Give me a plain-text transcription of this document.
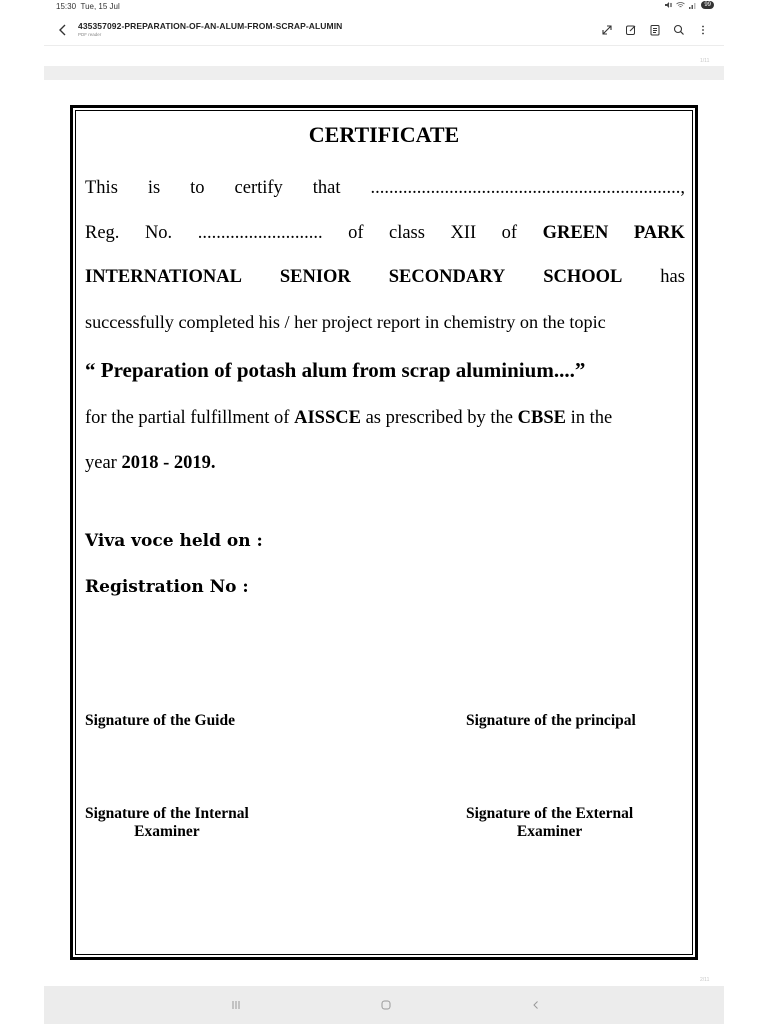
15:30 Tue, 15 Jul	99
435357092-PREPARATION-OF-AN-ALUM-FROM-SCRAP-ALUMIN
PDF reader
1/11
CERTIFICATE
This is to certify that ...................................................................,
Reg. No. ........................... of class XII of GREEN PARK
INTERNATIONAL SENIOR SECONDARY SCHOOL has
successfully completed his / her project report in chemistry on the topic
“ Preparation of potash alum from scrap aluminium....”
for the partial fulfillment of AISSCE as prescribed by the CBSE in the
year 2018 - 2019.
Viva voce held on :
Registration No :
Signature of the Guide	Signature of the principal
Signature of the Internal
Examiner
Signature of the External
Examiner
2/11
